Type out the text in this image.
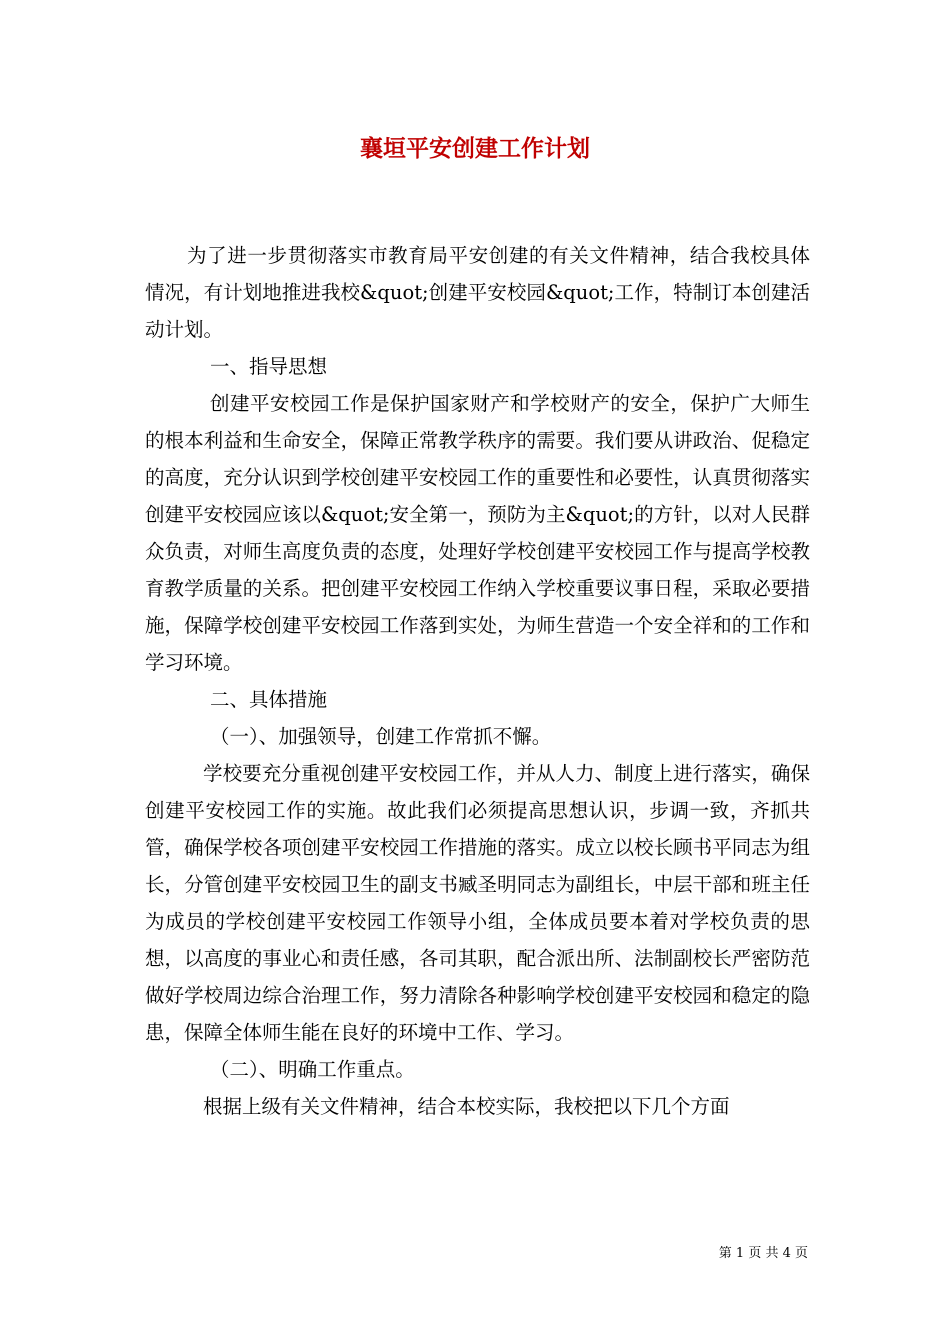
襄垣平安创建工作计划

为了进一步贯彻落实市教育局平安创建的有关文件精神，结合我校具体情况，有计划地推进我校&quot;创建平安校园&quot;工作，特制订本创建活动计划。

一、指导思想

创建平安校园工作是保护国家财产和学校财产的安全，保护广大师生的根本利益和生命安全，保障正常教学秩序的需要。我们要从讲政治、促稳定的高度，充分认识到学校创建平安校园工作的重要性和必要性，认真贯彻落实创建平安校园应该以&quot;安全第一，预防为主&quot;的方针，以对人民群众负责，对师生高度负责的态度，处理好学校创建平安校园工作与提高学校教育教学质量的关系。把创建平安校园工作纳入学校重要议事日程，采取必要措施，保障学校创建平安校园工作落到实处，为师生营造一个安全祥和的工作和学习环境。

二、具体措施

（一）、加强领导，创建工作常抓不懈。

学校要充分重视创建平安校园工作，并从人力、制度上进行落实，确保创建平安校园工作的实施。故此我们必须提高思想认识，步调一致，齐抓共管，确保学校各项创建平安校园工作措施的落实。成立以校长顾书平同志为组长，分管创建平安校园卫生的副支书臧圣明同志为副组长，中层干部和班主任为成员的学校创建平安校园工作领导小组，全体成员要本着对学校负责的思想，以高度的事业心和责任感，各司其职，配合派出所、法制副校长严密防范做好学校周边综合治理工作，努力清除各种影响学校创建平安校园和稳定的隐患，保障全体师生能在良好的环境中工作、学习。

（二）、明确工作重点。

根据上级有关文件精神，结合本校实际，我校把以下几个方面

第 1 页 共 4 页
